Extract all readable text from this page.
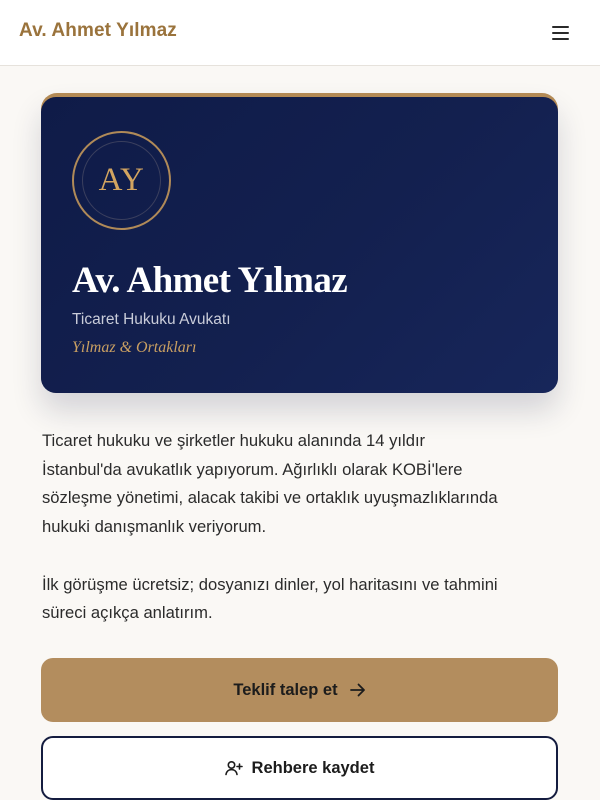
Av. Ahmet Yılmaz
AY
Av. Ahmet Yılmaz
Ticaret Hukuku Avukatı
Yılmaz & Ortakları

Ticaret hukuku ve şirketler hukuku alanında 14 yıldır

İstanbul'da avukatlık yapıyorum. Ağırlıklı olarak KOBİ'lere

sözleşme yönetimi, alacak takibi ve ortaklık uyuşmazlıklarında

hukuki danışmanlık veriyorum.

İlk görüşme ücretsiz; dosyanızı dinler, yol haritasını ve tahmini

süreci açıkça anlatırım.

Teklif talep et
Rehbere kaydet
